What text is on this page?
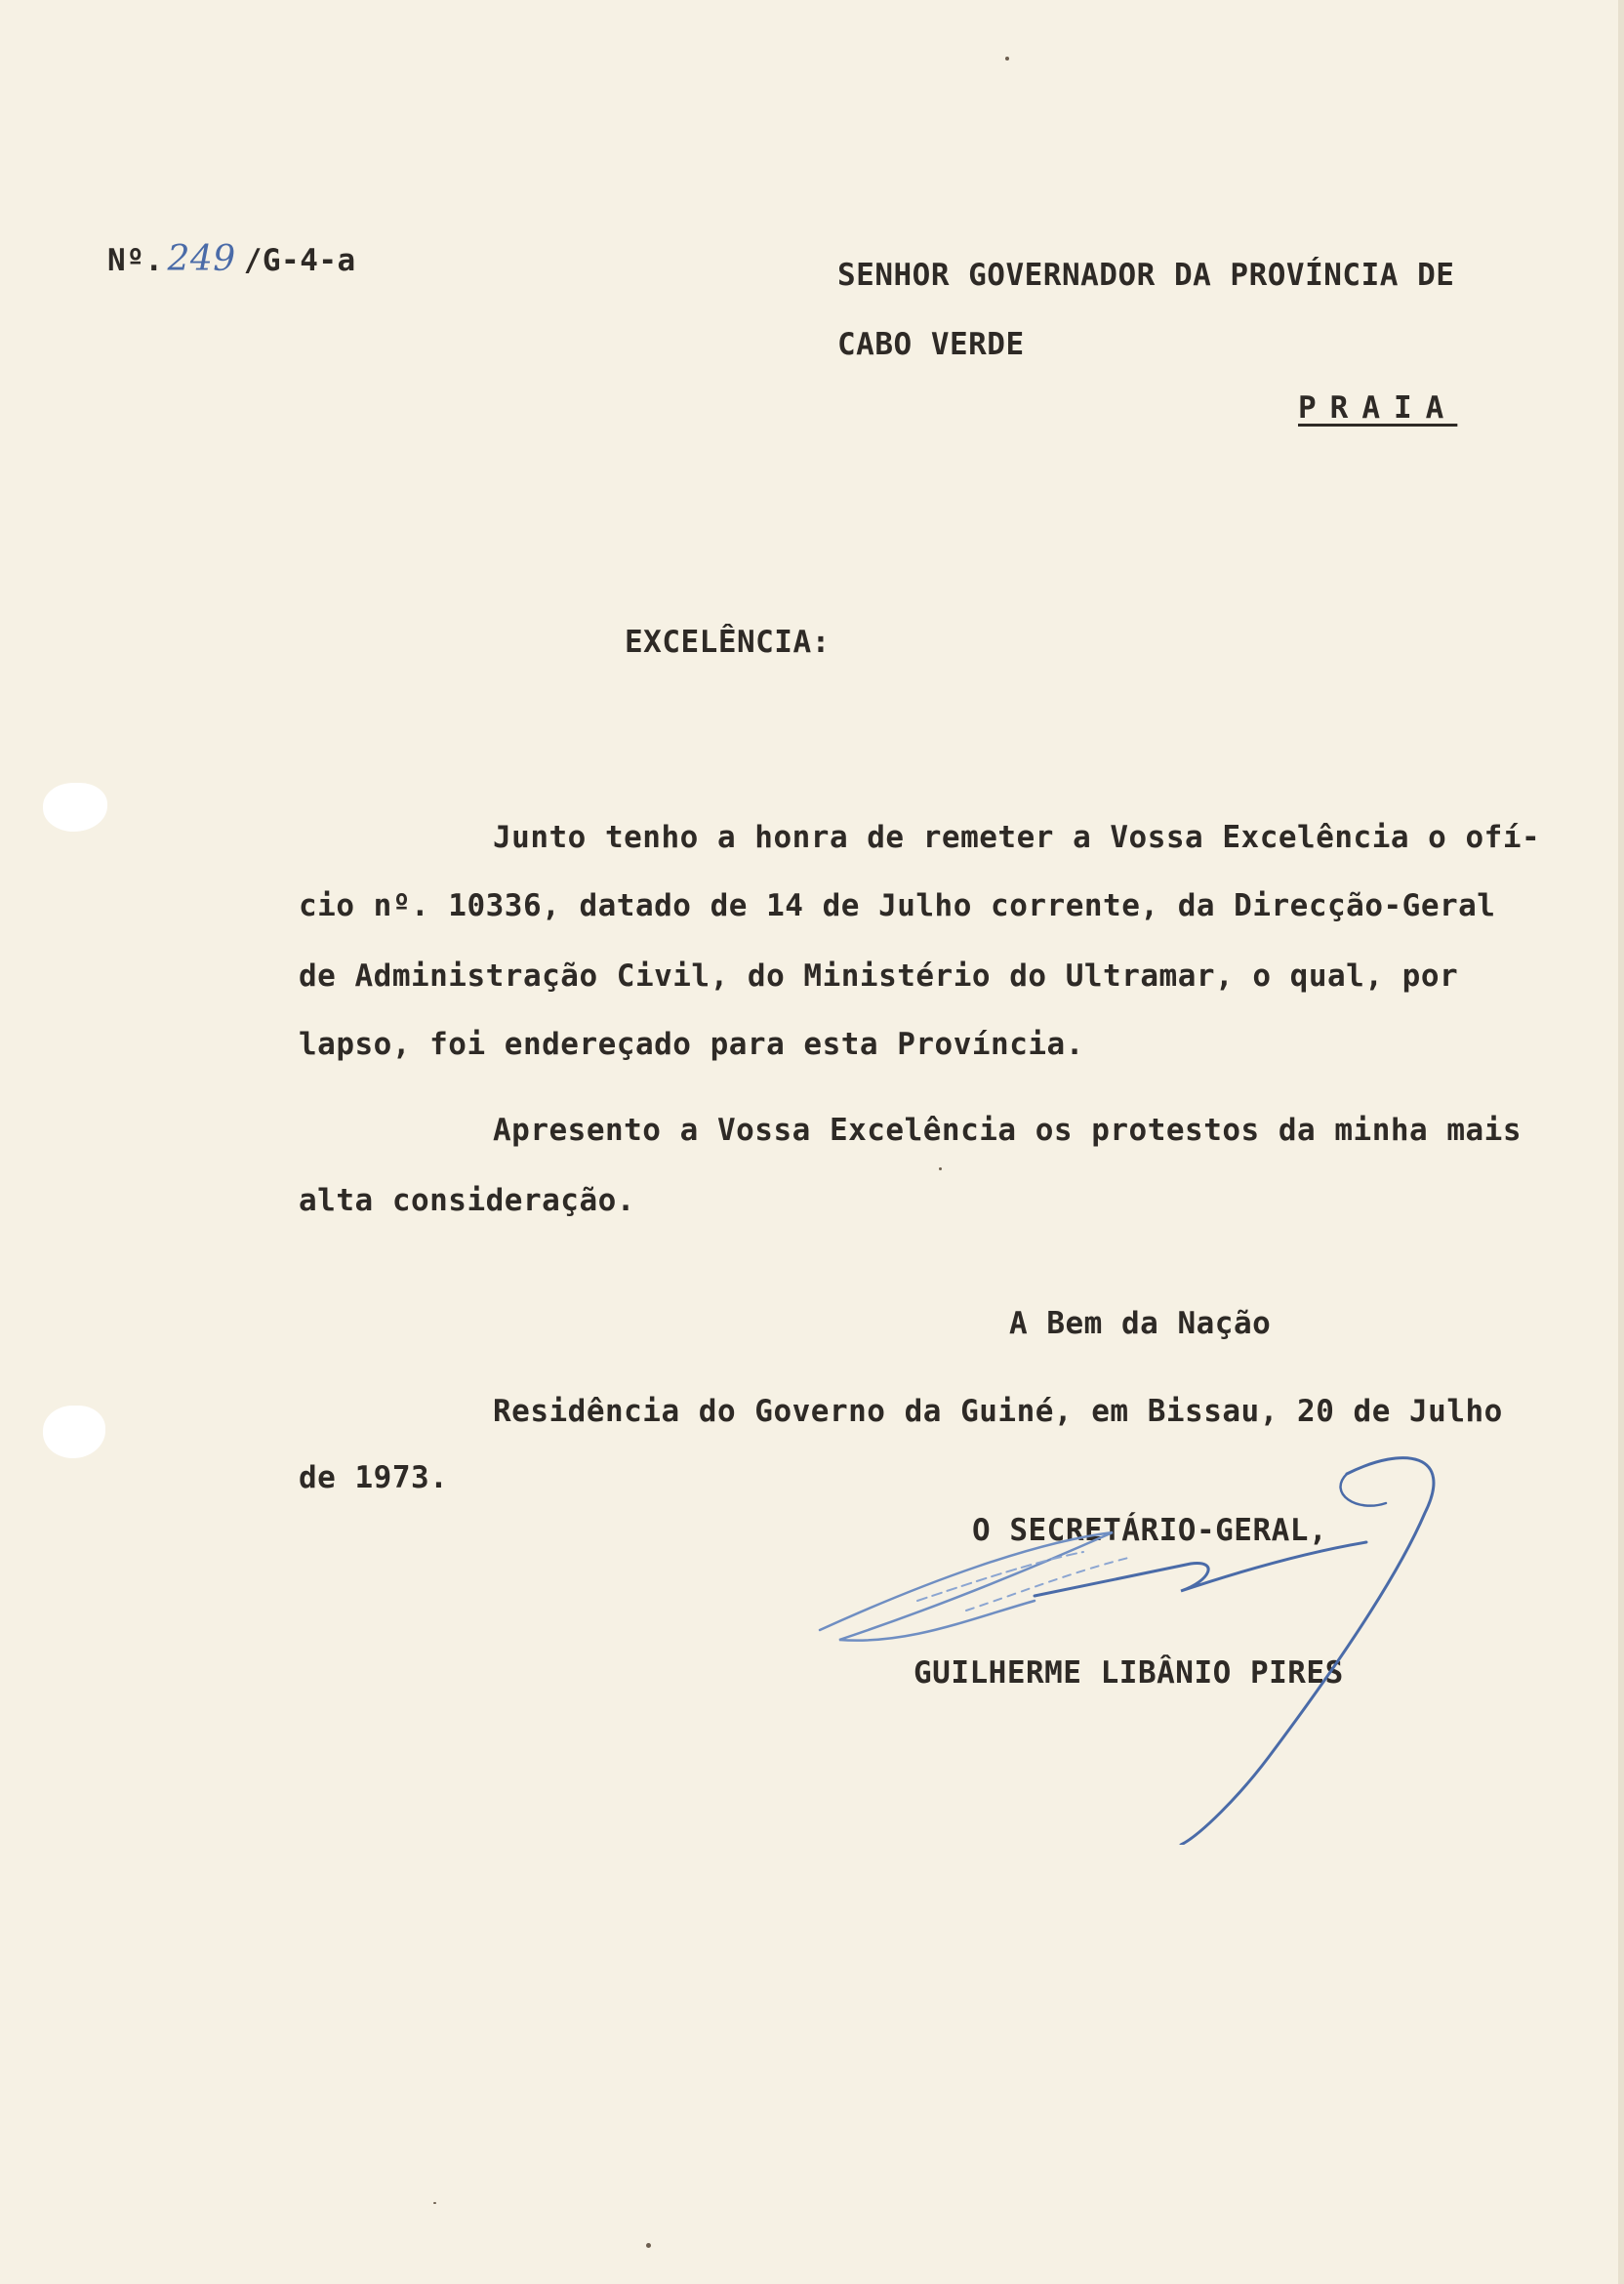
Nº. 249 /G-4-a	SENHOR GOVERNADOR DA PROVÍNCIA DE
CABO VERDE
PRAIA
EXCELÊNCIA:
Junto tenho a honra de remeter a Vossa Excelência o ofí-
cio nº. 10336, datado de 14 de Julho corrente, da Direcção-Geral
de Administração Civil, do Ministério do Ultramar, o qual, por
lapso, foi endereçado para esta Província.
Apresento a Vossa Excelência os protestos da minha mais
alta consideração.
A Bem da Nação
Residência do Governo da Guiné, em Bissau, 20 de Julho
de 1973.
O SECRETÁRIO-GERAL,
GUILHERME LIBÂNIO PIRES
